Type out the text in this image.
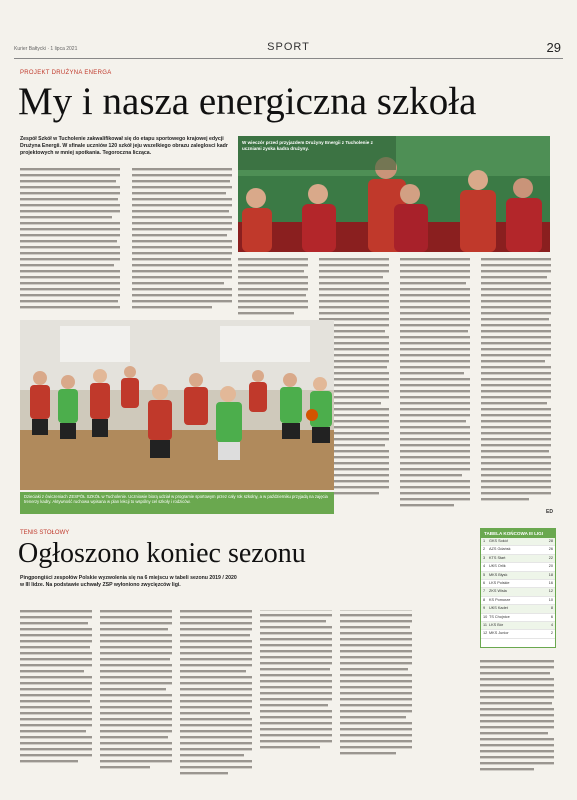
Kurier Bałtycki · 1 lipca 2021	SPORT	29
PROJEKT DRUŻYNA ENERGA
My i nasza energiczna szkoła
Zespół Szkół w Tucholenie zakwalifikował się do etapu sportowego krajowej edycji Drużyna Energii. W sfinale uczniów 120 szkół jeju wszelkiego obrazu zaleglosci kadr projektowych w mniej spotkania. Tegoroczna licząca.
W wieczór przed przyjazdem Drużyny Energii z Tucholenie z uczniami zyska kadra drużyny.
Dzieciaki z ćwiczeniach ZESPÓŁ SZKÓŁ w Tucholenie. Uczniowie biorą udział w programie sportowym przez cały rok szkolny, a w październiku przyjadą na zajęcia trenerzy kadry. Aktywność ruchowa wpisana w plan lekcji to wspólny cel szkoły i rodziców.
ED
TENIS STOŁOWY
Ogłoszono koniec sezonu
Pingpongiści zespołów Polskie wyzwolenia się na 6 miejscu w tabeli sezonu 2019 / 2020 w III lidze. Na podstawie uchwały ZSP wyłoniono zwycięzców ligi.
TABELA KOŃCOWA III LIGI
1	GKS Sokół	28
2	AZS Gdańsk	26
3	KTS Start	22
4	UKS Orlik	20
5	MKS Błysk	18
6	LKS Polskie	16
7	ZKS Wisła	12
8	KS Pomorze	10
9	UKS Kadet	8
10 TS Chojnice	6
11 LKS Bór	4
12 MKS Junior	2
